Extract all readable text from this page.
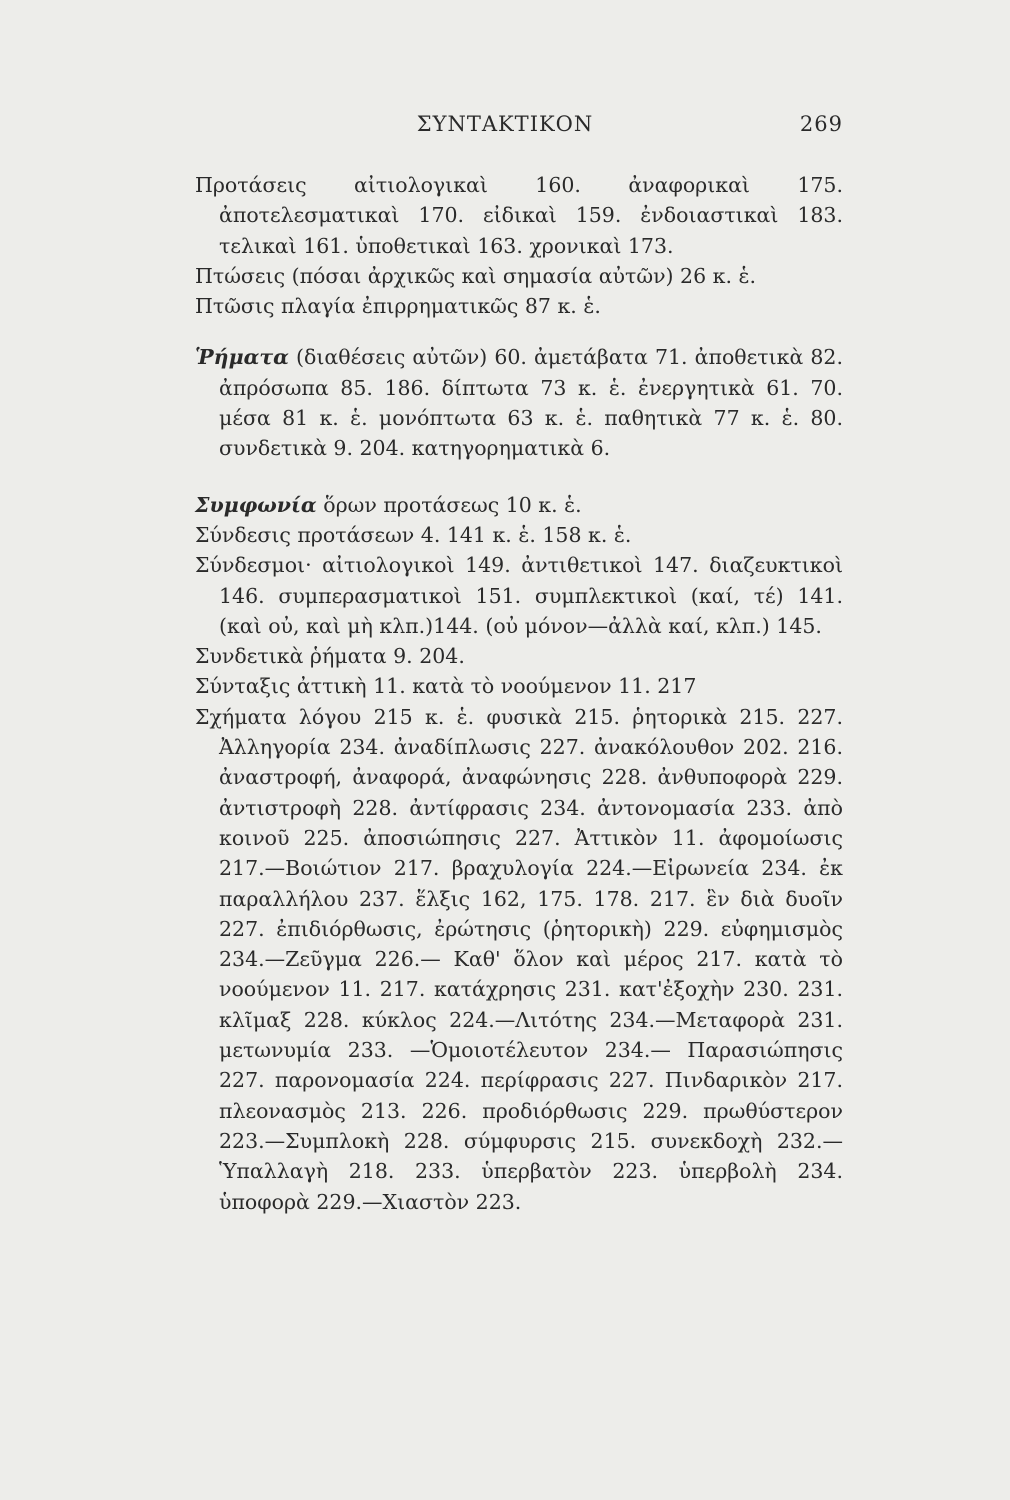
ΣΥΝΤΑΚΤΙΚΟΝ	269

Προτάσεις αἰτιολογικαὶ 160. ἀναφορικαὶ 175. ἀποτελεσματικαὶ 170. εἰδικαὶ 159. ἐνδοιαστικαὶ 183. τελικαὶ 161. ὑποθετικαὶ 163. χρονικαὶ 173.

Πτώσεις (πόσαι ἀρχικῶς καὶ σημασία αὐτῶν) 26 κ. ἑ.

Πτῶσις πλαγία ἐπιρρηματικῶς 87 κ. ἑ.

Ῥήματα (διαθέσεις αὐτῶν) 60. ἀμετάβατα 71. ἀποθετικὰ 82. ἀπρόσωπα 85. 186. δίπτωτα 73 κ. ἑ. ἐνεργητικὰ 61. 70. μέσα 81 κ. ἑ. μονόπτωτα 63 κ. ἑ. παθητικὰ 77 κ. ἑ. 80. συνδετικὰ 9. 204. κατηγορηματικὰ 6.

Συμφωνία ὅρων προτάσεως 10 κ. ἑ.

Σύνδεσις προτάσεων 4. 141 κ. ἑ. 158 κ. ἑ.

Σύνδεσμοι· αἰτιολογικοὶ 149. ἀντιθετικοὶ 147. διαζευκτικοὶ 146. συμπερασματικοὶ 151. συμπλεκτικοὶ (καί, τέ) 141. (καὶ οὐ, καὶ μὴ κλπ.)144. (οὐ μόνον—ἀλλὰ καί, κλπ.) 145.

Συνδετικὰ ῥήματα 9. 204.

Σύνταξις ἀττικὴ 11. κατὰ τὸ νοούμενον 11. 217

Σχήματα λόγου 215 κ. ἑ. φυσικὰ 215. ῥητορικὰ 215. 227. Ἀλληγορία 234. ἀναδίπλωσις 227. ἀνακόλουθον 202. 216. ἀναστροφή, ἀναφορά, ἀναφώνησις 228. ἀνθυποφορὰ 229. ἀντιστροφὴ 228. ἀντίφρασις 234. ἀντονομασία 233. ἀπὸ κοινοῦ 225. ἀποσιώπησις 227. Ἀττικὸν 11. ἀφομοίωσις 217.—Βοιώτιον 217. βραχυλογία 224.—Εἰρωνεία 234. ἐκ παραλλήλου 237. ἕλξις 162, 175. 178. 217. ἓν διὰ δυοῖν 227. ἐπιδιόρθωσις, ἐρώτησις (ῥητορικὴ) 229. εὐφημισμὸς 234.—Ζεῦγμα 226.— Καθ' ὅλον καὶ μέρος 217. κατὰ τὸ νοούμενον 11. 217. κατάχρησις 231. κατ'ἐξοχὴν 230. 231. κλῖμαξ 228. κύκλος 224.—Λιτότης 234.—Μεταφορὰ 231. μετωνυμία 233. —Ὁμοιοτέλευτον 234.— Παρασιώπησις 227. παρονομασία 224. περίφρασις 227. Πινδαρικὸν 217. πλεονασμὸς 213. 226. προδιόρθωσις 229. πρωθύστερον 223.—Συμπλοκὴ 228. σύμφυρσις 215. συνεκδοχὴ 232.—Ὑπαλλαγὴ 218. 233. ὑπερβατὸν 223. ὑπερβολὴ 234. ὑποφορὰ 229.—Χιαστὸν 223.
